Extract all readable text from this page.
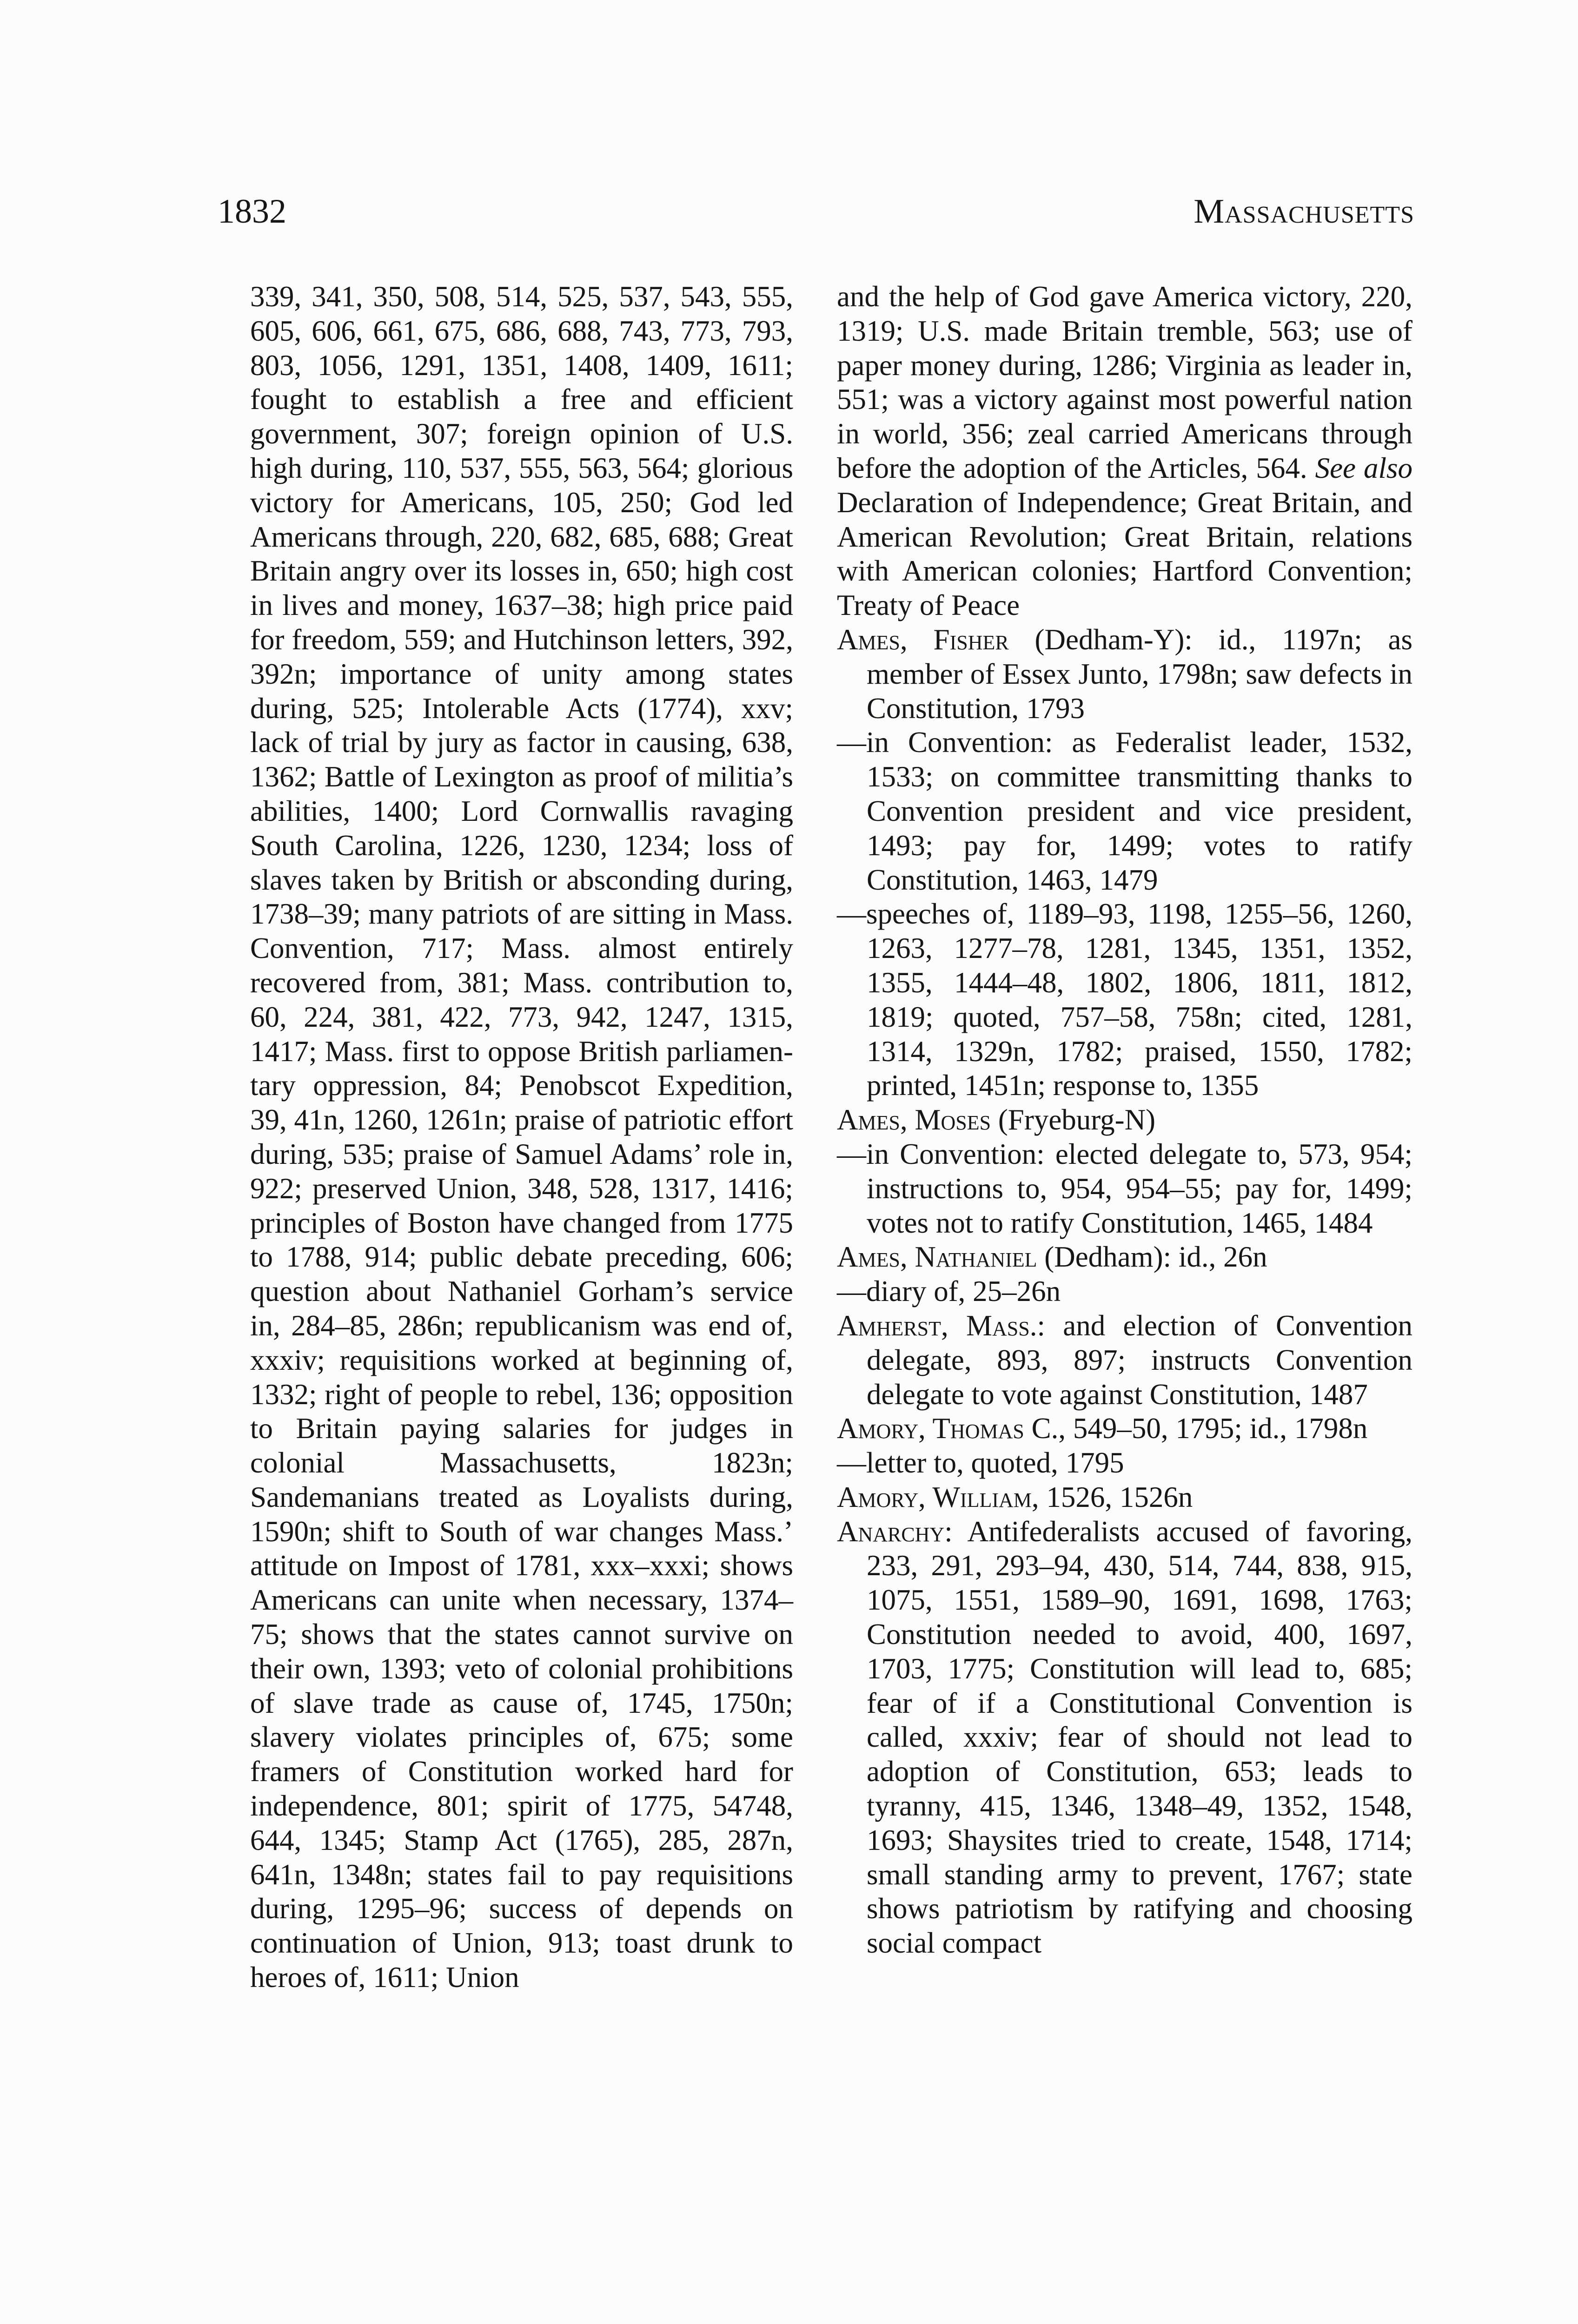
1832	Massachusetts

339, 341, 350, 508, 514, 525, 537, 543, 555, 605, 606, 661, 675, 686, 688, 743, 773, 793, 803, 1056, 1291, 1351, 1408, 1409, 1611; fought to establish a free and efficient government, 307; foreign opinion of U.S. high during, 110, 537, 555, 563, 564; glorious victory for Americans, 105, 250; God led Americans through, 220, 682, 685, 688; Great Britain angry over its losses in, 650; high cost in lives and money, 1637–38; high price paid for freedom, 559; and Hutchinson letters, 392, 392n; importance of unity among states during, 525; Intolerable Acts (1774), xxv; lack of trial by jury as factor in causing, 638, 1362; Battle of Lexington as proof of militia’s abilities, 1400; Lord Cornwallis ravaging South Carolina, 1226, 1230, 1234; loss of slaves taken by British or absconding during, 1738–39; many patriots of are sitting in Mass. Convention, 717; Mass. almost entirely recovered from, 381; Mass. contribution to, 60, 224, 381, 422, 773, 942, 1247, 1315, 1417; Mass. first to oppose British parliamentary oppression, 84; Penobscot Expedition, 39, 41n, 1260, 1261n; praise of patriotic effort during, 535; praise of Samuel Adams’ role in, 922; preserved Union, 348, 528, 1317, 1416; principles of Boston have changed from 1775 to 1788, 914; public debate preceding, 606; question about Nathaniel Gorham’s service in, 284–85, 286n; republicanism was end of, xxxiv; requisitions worked at beginning of, 1332; right of people to rebel, 136; opposition to Britain paying salaries for judges in colonial Massachusetts, 1823n; Sandemanians treated as Loyalists during, 1590n; shift to South of war changes Mass.’ attitude on Impost of 1781, xxx–xxxi; shows Americans can unite when necessary, 1374–75; shows that the states cannot survive on their own, 1393; veto of colonial prohibitions of slave trade as cause of, 1745, 1750n; slavery violates principles of, 675; some framers of Constitution worked hard for independence, 801; spirit of 1775, 54748, 644, 1345; Stamp Act (1765), 285, 287n, 641n, 1348n; states fail to pay requisitions during, 1295–96; success of depends on continuation of Union, 913; toast drunk to heroes of, 1611; Union

and the help of God gave America victory, 220, 1319; U.S. made Britain tremble, 563; use of paper money during, 1286; Virginia as leader in, 551; was a victory against most powerful nation in world, 356; zeal carried Americans through before the adoption of the Articles, 564. See also Declaration of Independence; Great Britain, and American Revolution; Great Britain, relations with American colonies; Hartford Convention; Treaty of Peace

Ames, Fisher (Dedham-Y): id., 1197n; as member of Essex Junto, 1798n; saw defects in Constitution, 1793

—in Convention: as Federalist leader, 1532, 1533; on committee transmitting thanks to Convention president and vice president, 1493; pay for, 1499; votes to ratify Constitution, 1463, 1479

—speeches of, 1189–93, 1198, 1255–56, 1260, 1263, 1277–78, 1281, 1345, 1351, 1352, 1355, 1444–48, 1802, 1806, 1811, 1812, 1819; quoted, 757–58, 758n; cited, 1281, 1314, 1329n, 1782; praised, 1550, 1782; printed, 1451n; response to, 1355

Ames, Moses (Fryeburg-N)

—in Convention: elected delegate to, 573, 954; instructions to, 954, 954–55; pay for, 1499; votes not to ratify Constitution, 1465, 1484

Ames, Nathaniel (Dedham): id., 26n

—diary of, 25–26n

Amherst, Mass.: and election of Convention delegate, 893, 897; instructs Convention delegate to vote against Constitution, 1487

Amory, Thomas C., 549–50, 1795; id., 1798n

—letter to, quoted, 1795

Amory, William, 1526, 1526n

Anarchy: Antifederalists accused of favoring, 233, 291, 293–94, 430, 514, 744, 838, 915, 1075, 1551, 1589–90, 1691, 1698, 1763; Constitution needed to avoid, 400, 1697, 1703, 1775; Constitution will lead to, 685; fear of if a Constitutional Convention is called, xxxiv; fear of should not lead to adoption of Constitution, 653; leads to tyranny, 415, 1346, 1348–49, 1352, 1548, 1693; Shaysites tried to create, 1548, 1714; small standing army to prevent, 1767; state shows patriotism by ratifying and choosing social compact
